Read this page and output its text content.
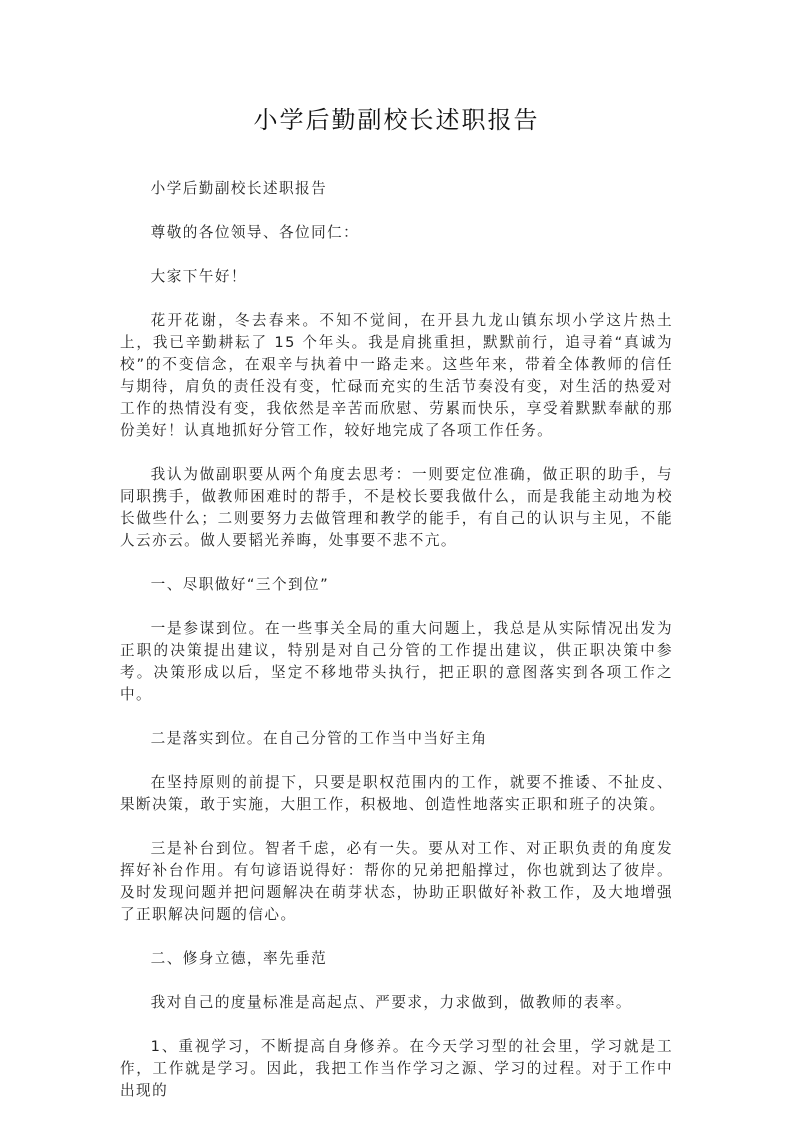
小学后勤副校长述职报告

小学后勤副校长述职报告

尊敬的各位领导、各位同仁：

大家下午好！

花开花谢，冬去春来。不知不觉间，在开县九龙山镇东坝小学这片热土上，我已辛勤耕耘了 15 个年头。我是肩挑重担，默默前行，追寻着“真诚为校”的不变信念，在艰辛与执着中一路走来。这些年来，带着全体教师的信任与期待，肩负的责任没有变，忙碌而充实的生活节奏没有变，对生活的热爱对工作的热情没有变，我依然是辛苦而欣慰、劳累而快乐，享受着默默奉献的那份美好！认真地抓好分管工作，较好地完成了各项工作任务。

我认为做副职要从两个角度去思考：一则要定位准确，做正职的助手，与同职携手，做教师困难时的帮手，不是校长要我做什么，而是我能主动地为校长做些什么；二则要努力去做管理和教学的能手，有自己的认识与主见，不能人云亦云。做人要韬光养晦，处事要不悲不亢。

一、尽职做好“三个到位”

一是参谋到位。在一些事关全局的重大问题上，我总是从实际情况出发为正职的决策提出建议，特别是对自己分管的工作提出建议，供正职决策中参考。决策形成以后，坚定不移地带头执行，把正职的意图落实到各项工作之中。

二是落实到位。在自己分管的工作当中当好主角

在坚持原则的前提下，只要是职权范围内的工作，就要不推诿、不扯皮、果断决策，敢于实施，大胆工作，积极地、创造性地落实正职和班子的决策。

三是补台到位。智者千虑，必有一失。要从对工作、对正职负责的角度发挥好补台作用。有句谚语说得好：帮你的兄弟把船撑过，你也就到达了彼岸。及时发现问题并把问题解决在萌芽状态，协助正职做好补救工作，及大地增强了正职解决问题的信心。

二、修身立德，率先垂范

我对自己的度量标准是高起点、严要求，力求做到，做教师的表率。

1、重视学习，不断提高自身修养。在今天学习型的社会里，学习就是工作，工作就是学习。因此，我把工作当作学习之源、学习的过程。对于工作中出现的
